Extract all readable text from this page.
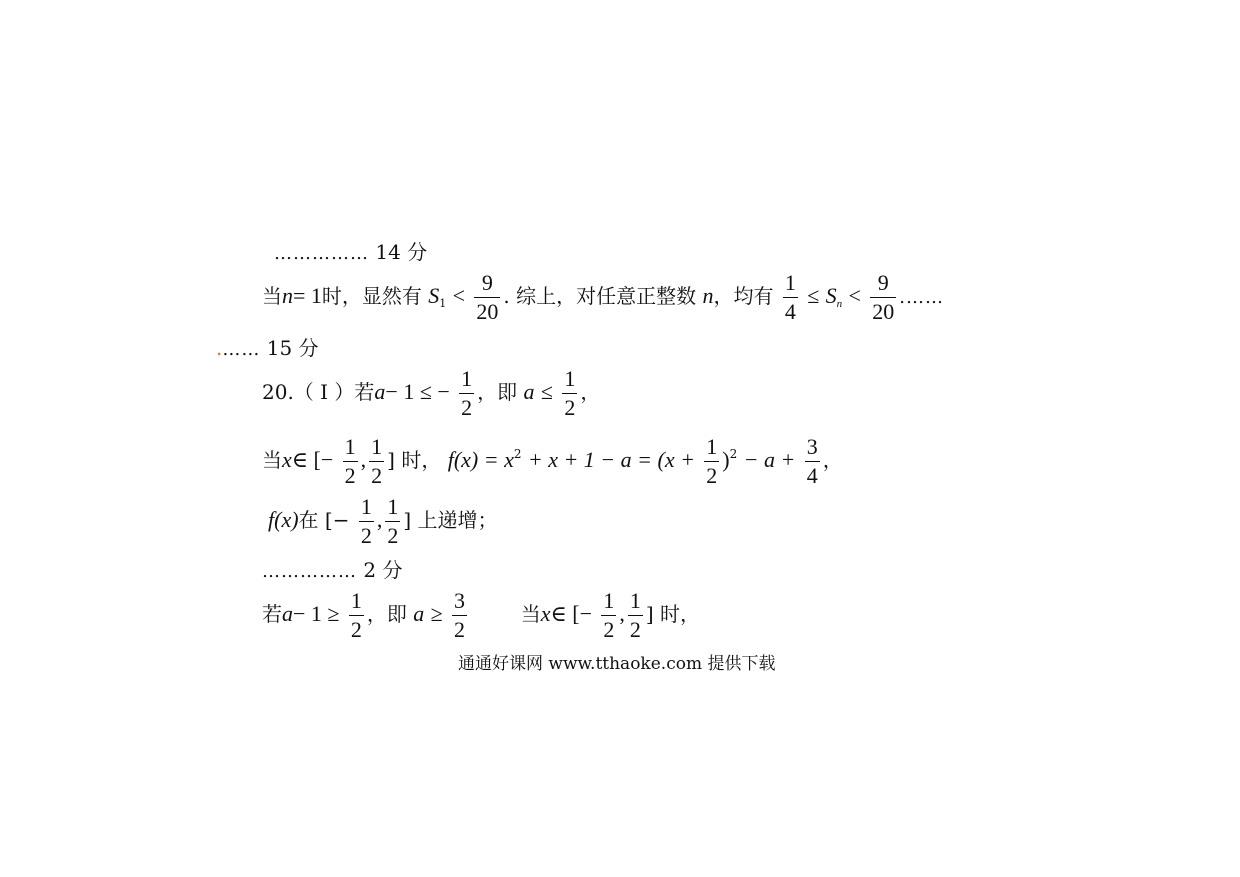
…………… 14 分
当n= 1时，显然有 $S_1 < \frac{9}{20}$ . 综上，对任意正整数 n，均有 $\frac{1}{4} \le S_n < \frac{9}{20}$ .……
.…… 15 分
20.（ Ⅰ ）若a− 1 ≤ − $\frac{1}{2}$ ，即 $a \le \frac{1}{2}$ ，
当x∈ [− $\frac{1}{2}$ , $\frac{1}{2}$ ] 时， $f(x) = x^2 + x + 1 - a = (x + \frac{1}{2} )^2 - a + \frac{3}{4}$ ，
f(x)在 [− $\frac{1}{2}$ , $\frac{1}{2}$ ] 上递增；
…………… 2 分
若$a- 1 \ge \frac{1}{2}$ ，即 $a \ge \frac{3}{2}$	当x∈ [− $\frac{1}{2}$ , $\frac{1}{2}$ ] 时，
通通好课网 www.tthaoke.com 提供下载
